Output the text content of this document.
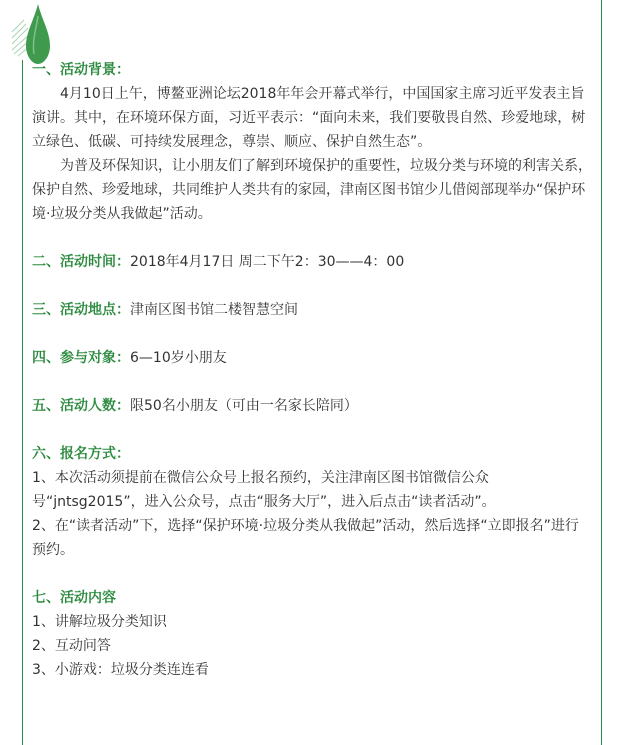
一、活动背景：

4月10日上午，博鳌亚洲论坛2018年年会开幕式举行，中国国家主席习近平发表主旨演讲。其中，在环境环保方面，习近平表示：“面向未来，我们要敬畏自然、珍爱地球，树立绿色、低碳、可持续发展理念，尊崇、顺应、保护自然生态”。

为普及环保知识，让小朋友们了解到环境保护的重要性，垃圾分类与环境的利害关系，保护自然、珍爱地球，共同维护人类共有的家园，津南区图书馆少儿借阅部现举办“保护环境·垃圾分类从我做起”活动。

二、活动时间：2018年4月17日 周二下午2：30——4：00

三、活动地点：津南区图书馆二楼智慧空间

四、参与对象：6—10岁小朋友

五、活动人数：限50名小朋友（可由一名家长陪同）

六、报名方式：

1、本次活动须提前在微信公众号上报名预约，关注津南区图书馆微信公众号“jntsg2015”，进入公众号，点击“服务大厅”，进入后点击“读者活动”。

2、在“读者活动”下，选择“保护环境·垃圾分类从我做起”活动，然后选择“立即报名”进行预约。

七、活动内容

1、讲解垃圾分类知识

2、互动问答

3、小游戏：垃圾分类连连看
